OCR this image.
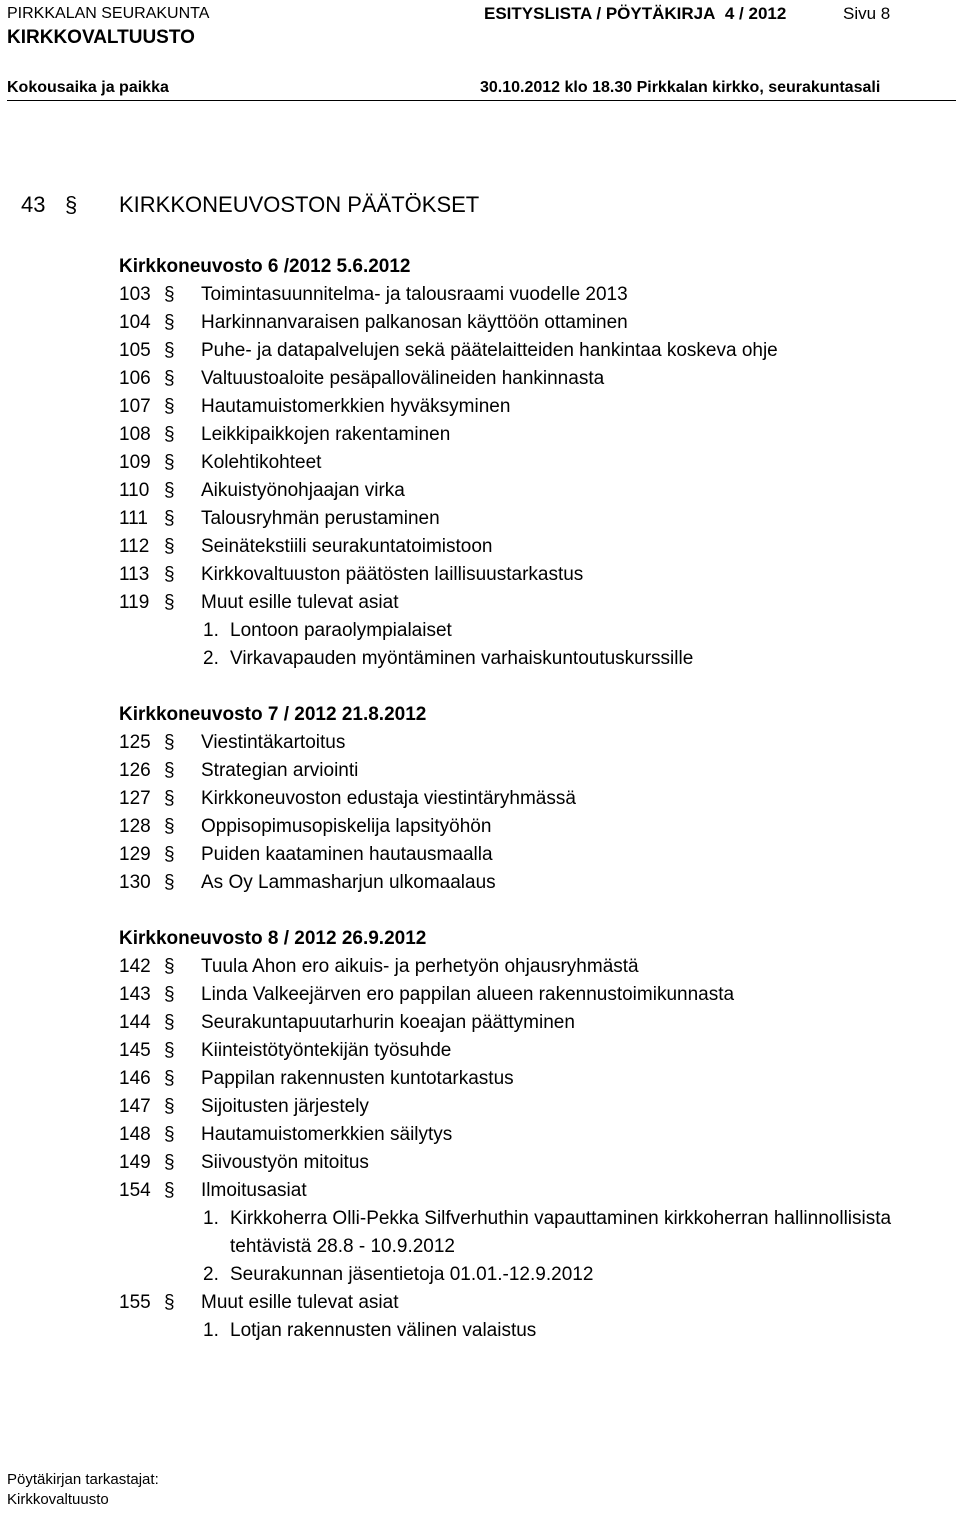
PIRKKALAN SEURAKUNTA
KIRKKOVALTUUSTO
ESITYSLISTA / PÖYTÄKIRJA 4 / 2012	Sivu 8
Kokousaika ja paikka	30.10.2012 klo 18.30 Pirkkalan kirkko, seurakuntasali
43 § KIRKKONEUVOSTON PÄÄTÖKSET
Kirkkoneuvosto 6 /2012 5.6.2012
103 §	Toimintasuunnitelma- ja talousraami vuodelle 2013
104 §	Harkinnanvaraisen palkanosan käyttöön ottaminen
105 §	Puhe- ja datapalvelujen sekä päätelaitteiden hankintaa koskeva ohje
106 §	Valtuustoaloite pesäpallovälineiden hankinnasta
107 §	Hautamuistomerkkien hyväksyminen
108 §	Leikkipaikkojen rakentaminen
109 §	Kolehtikohteet
110 §	Aikuistyönohjaajan virka
111 §	Talousryhmän perustaminen
112 §	Seinätekstiili seurakuntatoimistoon
113 §	Kirkkovaltuuston päätösten laillisuustarkastus
119 §	Muut esille tulevat asiat
1. Lontoon paraolympialaiset
2. Virkavapauden myöntäminen varhaiskuntoutuskurssille
Kirkkoneuvosto 7 / 2012 21.8.2012
125 §	Viestintäkartoitus
126 §	Strategian arviointi
127 §	Kirkkoneuvoston edustaja viestintäryhmässä
128 §	Oppisopimusopiskelija lapsityöhön
129 §	Puiden kaataminen hautausmaalla
130 §	As Oy Lammasharjun ulkomaalaus
Kirkkoneuvosto 8 / 2012 26.9.2012
142 §	Tuula Ahon ero aikuis- ja perhetyön ohjausryhmästä
143 §	Linda Valkeejärven ero pappilan alueen rakennustoimikunnasta
144 §	Seurakuntapuutarhurin koeajan päättyminen
145 §	Kiinteistötyöntekijän työsuhde
146 §	Pappilan rakennusten kuntotarkastus
147 §	Sijoitusten järjestely
148 §	Hautamuistomerkkien säilytys
149 §	Siivoustyön mitoitus
154 §	Ilmoitusasiat
1. Kirkkoherra Olli-Pekka Silfverhuthin vapauttaminen kirkkoherran hallinnollisista
tehtävistä 28.8 - 10.9.2012
2. Seurakunnan jäsentietoja 01.01.-12.9.2012
155 §	Muut esille tulevat asiat
1. Lotjan rakennusten välinen valaistus
Pöytäkirjan tarkastajat:
Kirkkovaltuusto
